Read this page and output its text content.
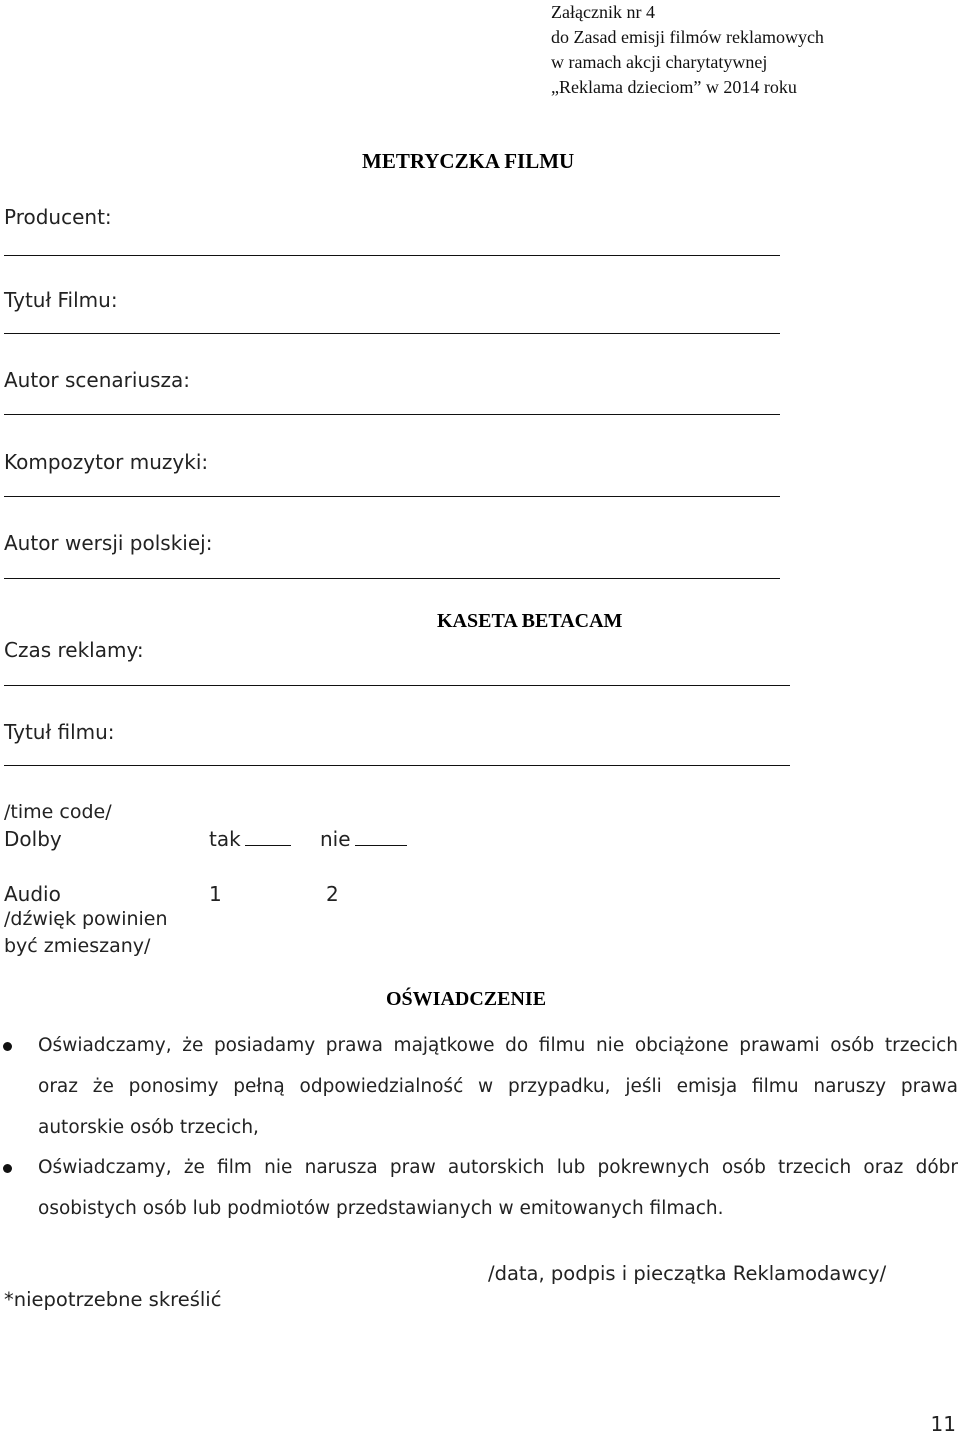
Załącznik nr 4
do Zasad emisji filmów reklamowych
w ramach akcji charytatywnej
„Reklama dzieciom” w 2014 roku
METRYCZKA FILMU
Producent:
Tytuł Filmu:
Autor scenariusza:
Kompozytor muzyki:
Autor wersji polskiej:
KASETA BETACAM
Czas reklamy:
Tytuł filmu:
/time code/
Dolby	tak	nie
Audio	1	2
/dźwięk powinien
być zmieszany/
OŚWIADCZENIE
Oświadczamy, że posiadamy prawa majątkowe do filmu nie obciążone prawami osób trzecich
oraz że ponosimy pełną odpowiedzialność w przypadku, jeśli emisja filmu naruszy prawa
autorskie osób trzecich,
Oświadczamy, że film nie narusza praw autorskich lub pokrewnych osób trzecich oraz dóbr
osobistych osób lub podmiotów przedstawianych w emitowanych filmach.
/data, podpis i pieczątka Reklamodawcy/
*niepotrzebne skreślić
11
